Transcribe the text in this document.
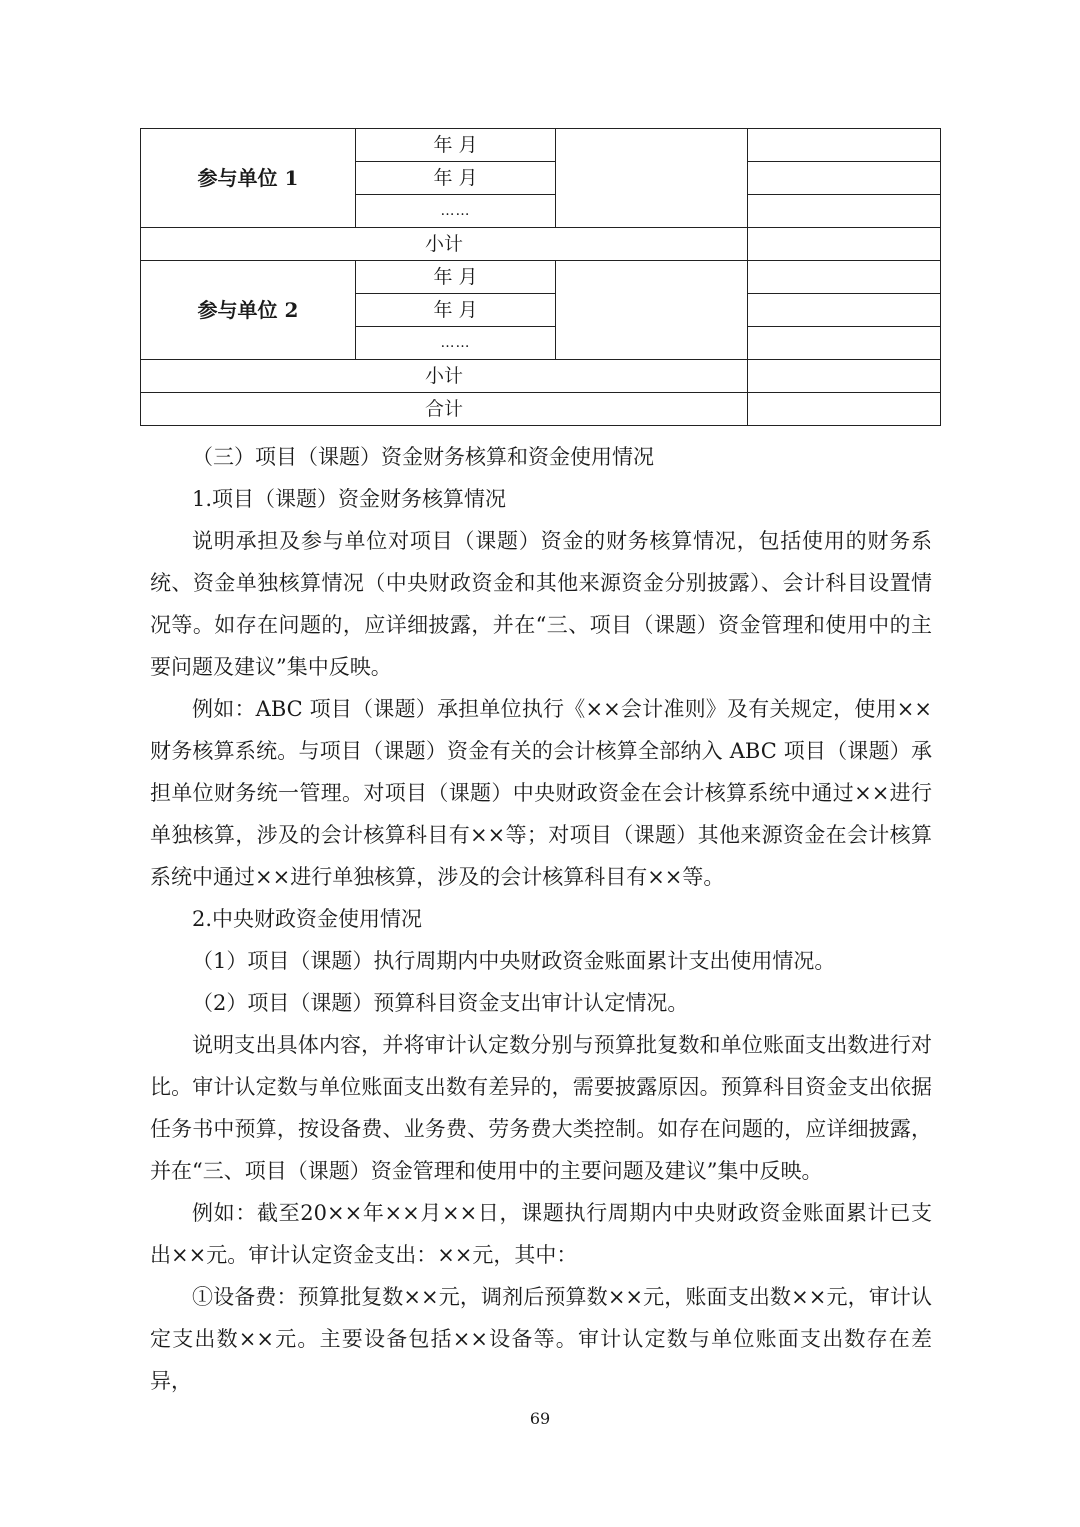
参与单位 1	年 月		
	年 月		
	……		
小计			
参与单位 2	年 月		
	年 月		
	……		
小计			
合计			

（三）项目（课题）资金财务核算和资金使用情况

1.项目（课题）资金财务核算情况

说明承担及参与单位对项目（课题）资金的财务核算情况，包括使用的财务系统、资金单独核算情况（中央财政资金和其他来源资金分别披露）、会计科目设置情况等。如存在问题的，应详细披露，并在“三、项目（课题）资金管理和使用中的主要问题及建议”集中反映。

例如：ABC 项目（课题）承担单位执行《××会计准则》及有关规定，使用××财务核算系统。与项目（课题）资金有关的会计核算全部纳入 ABC 项目（课题）承担单位财务统一管理。对项目（课题）中央财政资金在会计核算系统中通过××进行单独核算，涉及的会计核算科目有××等；对项目（课题）其他来源资金在会计核算系统中通过××进行单独核算，涉及的会计核算科目有××等。

2.中央财政资金使用情况

（1）项目（课题）执行周期内中央财政资金账面累计支出使用情况。

（2）项目（课题）预算科目资金支出审计认定情况。

说明支出具体内容，并将审计认定数分别与预算批复数和单位账面支出数进行对比。审计认定数与单位账面支出数有差异的，需要披露原因。预算科目资金支出依据任务书中预算，按设备费、业务费、劳务费大类控制。如存在问题的，应详细披露，并在“三、项目（课题）资金管理和使用中的主要问题及建议”集中反映。

例如：截至20××年××月××日，课题执行周期内中央财政资金账面累计已支出××元。审计认定资金支出：××元，其中：

①设备费：预算批复数××元，调剂后预算数××元，账面支出数××元，审计认定支出数××元。主要设备包括××设备等。审计认定数与单位账面支出数存在差异，

69
